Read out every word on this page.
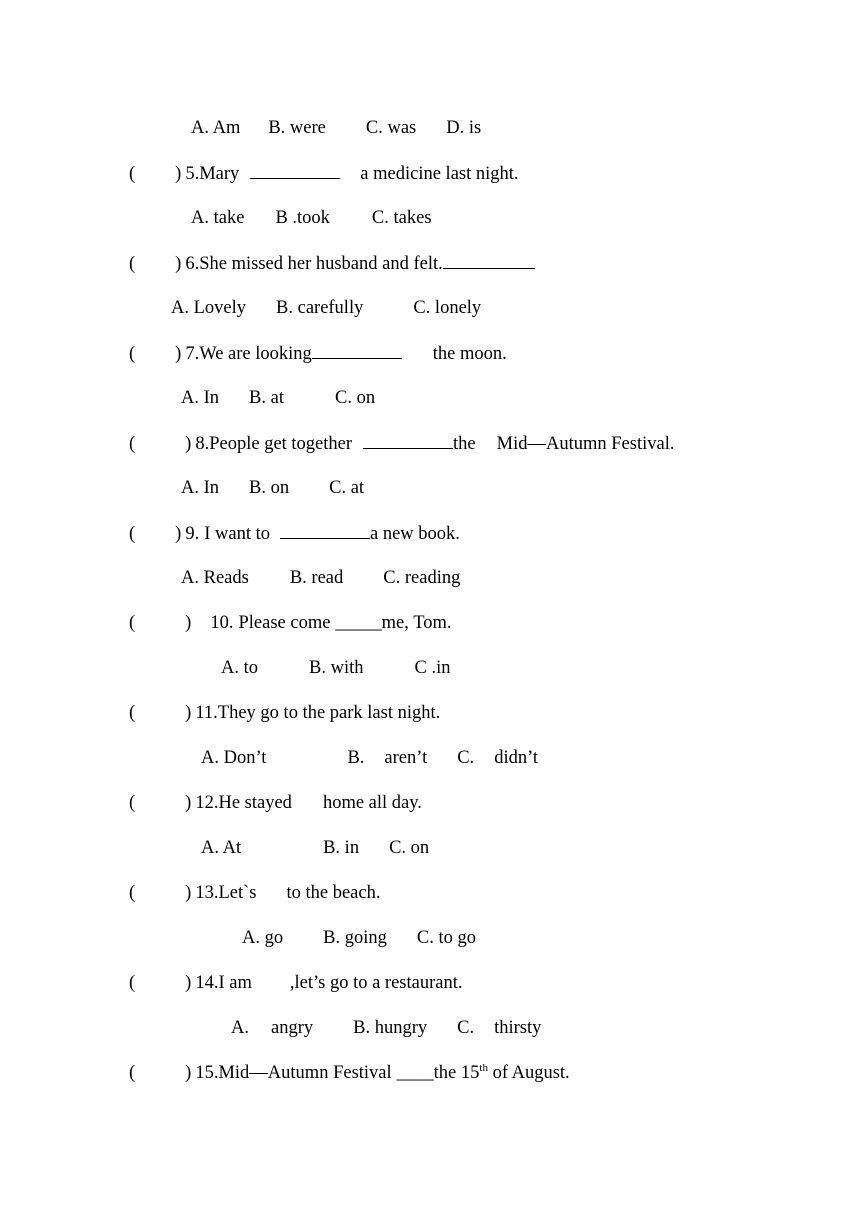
A. Am B. were C. was D. is
( ) 5.Mary	a medicine last night.
A. take B .took C. takes
( ) 6.She missed her husband and felt.
A. Lovely B. carefully	C. lonely
( ) 7.We are looking	the moon.
A. In B. at	C. on
(	) 8.People get together	the Mid—Autumn Festival.
A. In B. on C. at
( ) 9. I want to	a new book.
A. Reads B. read C. reading
(	) 10. Please come _____me, Tom.
A. to	B. with	C .in
(	) 11.They go to the park last night.
A. Don’t	B. aren’t C. didn’t
(	) 12.He stayed home all day.
A. At	B. in C. on
(	) 13.Let`s to the beach.
A. go B. going C. to go
(	) 14.I am ,let’s go to a restaurant.
A. angry B. hungry C. thirsty
(	) 15.Mid—Autumn Festival ____the 15th of August.
